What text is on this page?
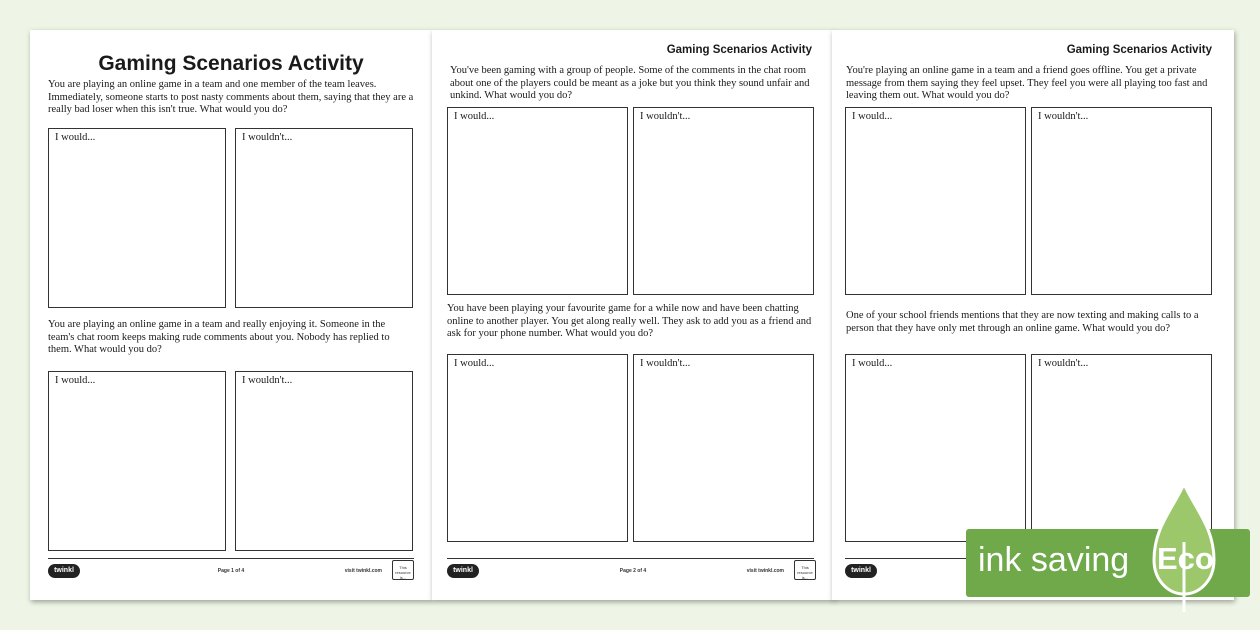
Gaming Scenarios Activity
You are playing an online game in a team and one member of the team leaves. Immediately, someone starts to post nasty comments about them, saying that they are a really bad loser when this isn't true. What would you do?
I would...	I wouldn't...
You are playing an online game in a team and really enjoying it. Someone in the team's chat room keeps making rude comments about you. Nobody has replied to them. What would you do?
I would...	I wouldn't...
twinkl	Page 1 of 4	visit twinkl.com
This resource is...
Gaming Scenarios Activity
You've been gaming with a group of people. Some of the comments in the chat room about one of the players could be meant as a joke but you think they sound unfair and unkind. What would you do?
I would...	I wouldn't...
You have been playing your favourite game for a while now and have been chatting online to another player. You get along really well. They ask to add you as a friend and ask for your phone number. What would you do?
I would...	I wouldn't...
twinkl	Page 2 of 4	visit twinkl.com
This resource is...
Gaming Scenarios Activity
You're playing an online game in a team and a friend goes offline. You get a private message from them saying they feel upset. They feel you were all playing too fast and leaving them out. What would you do?
I would...	I wouldn't...
One of your school friends mentions that they are now texting and making calls to a person that they have only met through an online game. What would you do?
I would...	I wouldn't...
twinkl	ink saving Eco
